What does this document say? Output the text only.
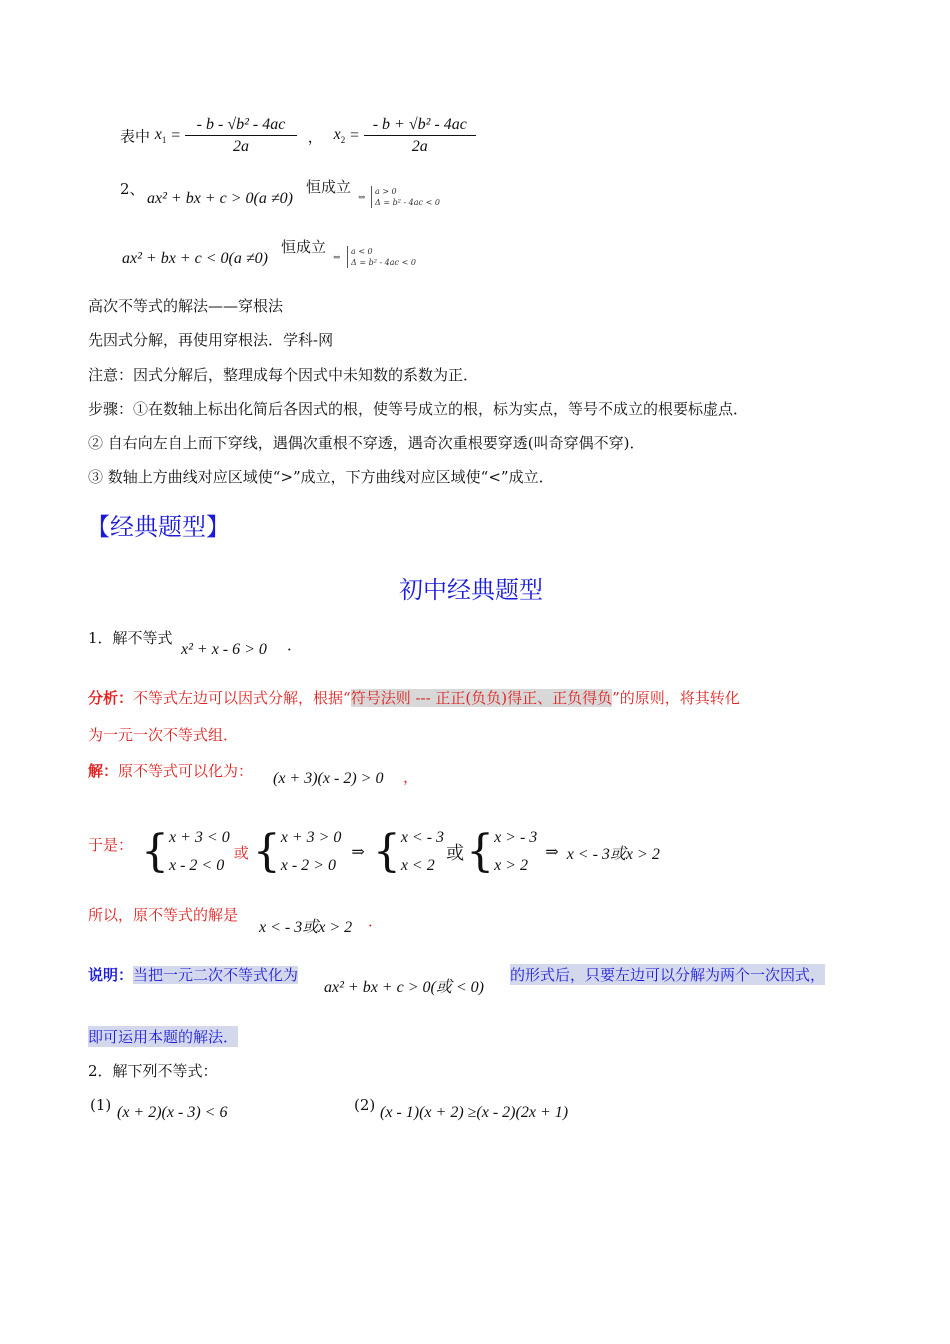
表中 $x_1 = \frac{\text{- b - √b² - 4ac}}{2a}$ ， $x_2 = \frac{\text{- b + √b² - 4ac}}{2a}$
2、
ax² + bx + c > 0(a ≠0)
恒成立
⇔
a > 0
Δ = b² - 4ac < 0
ax² + bx + c < 0(a ≠0)
恒成立
⇔
a < 0
Δ = b² - 4ac < 0
高次不等式的解法——穿根法
先因式分解，再使用穿根法．学科-网
注意：因式分解后，整理成每个因式中未知数的系数为正．
步骤：①在数轴上标出化简后各因式的根，使等号成立的根，标为实点，等号不成立的根要标虚点．
② 自右向左自上而下穿线，遇偶次重根不穿透，遇奇次重根要穿透(叫奇穿偶不穿)．
③ 数轴上方曲线对应区域使“>”成立，下方曲线对应区域使“<”成立．
【经典题型】
初中经典题型
1．解不等式
x² + x - 6 > 0 ．
分析：不等式左边可以因式分解，根据“符号法则 --- 正正(负负)得正、正负得负”的原则，将其转化
为一元一次不等式组．
解：原不等式可以化为： (x + 3)(x - 2) > 0 ，
于是： { x + 3 < 0
x - 2 < 0
或 { x + 3 > 0
x - 2 > 0
⇒ { x < - 3
x < 2
或 { x > - 3
x > 2
⇒ x < - 3或x > 2
所以，原不等式的解是
x < - 3或x > 2 ．
说明：当把一元二次不等式化为
ax² + bx + c > 0(或 < 0)
的形式后，只要左边可以分解为两个一次因式，
即可运用本题的解法．
2．解下列不等式：
(1) (x + 2)(x - 3) < 6	(2) (x - 1)(x + 2) ≥(x - 2)(2x + 1)
